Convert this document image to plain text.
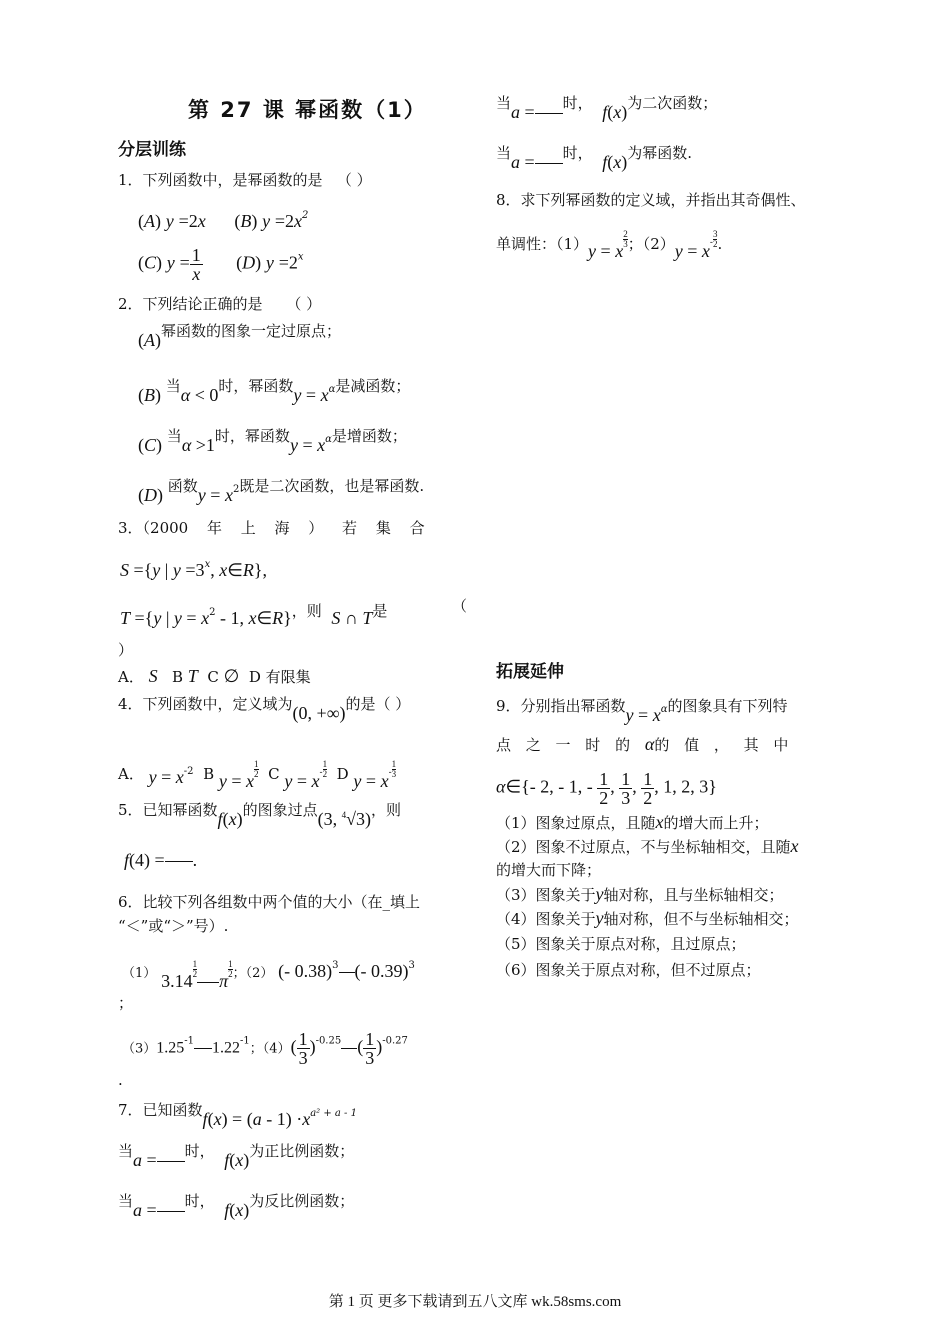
第 27 课 幂函数（1）
分层训练
1．下列函数中，是幂函数的是 （ ）
(A) y =2x (B) $y =2x^2$
(C) $y = \frac{1}{x} (D)$ $y =2^x$
2．下列结论正确的是 （ ）
(A)幂函数的图象一定过原点；
(B) 当α < 0时，幂函数$y = x^\alpha$是减函数；
(C) 当α >1时，幂函数$y = x^\alpha$是增函数；
(D) 函数$y = x^2$既是二次函数，也是幂函数.
3．（2000 年 上 海 ） 若 集 合
S ={y | $y =3^x$, x∈R},
T ={y | $y = x^2 - 1$, x∈R}，则 S ∩ T是	（
）
A． S B T C ∅ D 有限集
4．下列函数中，定义域为(0, +∞)的是（ ）
A． $y = x^{-2}$ B y = x
$\frac{1}{2}$ C $y = x^- \frac{1}{2}$ D $y = x^- \frac{1}{3}$
5．已知幂函数f(x)的图象过点(3, $^4$√3)，则
f(4) = .
6．比较下列各组数中两个值的大小（在_填上
“＜”或“＞”号）.
（1） 3.14
$\frac{1}{2}$
π
$\frac{1}{2}$ ；（2） (- 0.38)$^3$ (- 0.39)$^3$
；
$(3)1.25^{-1}$ $1.22^{-1}$；$(4)( \frac{1}{3} )^{-0.25}$ ( $\frac{1}{3} )^{-0.27}$
.
7．已知函数$f(x) = (a - 1) \cdot x^{a^2 + a - 1}$
当a = 时， f(x)为正比例函数；
当a = 时， f(x)为反比例函数；
当a = 时， f(x)为二次函数；
当a = 时， f(x)为幂函数.
8．求下列幂函数的定义域，并指出其奇偶性、
单调性：（1）y = x
$\frac{2}{3}$ ；$(2)y = x^- \frac{3}{2}$ .
拓展延伸
9．分别指出幂函数$y = x^\alpha$的图象具有下列特
点 之 一 时 的 α的 值 ， 其 中
α∈{- 2, - 1, - $\frac{1}{2}$ , $\frac{1}{3}$ , $\frac{1}{2}$ , 1, 2, 3}
（1）图象过原点，且随x的增大而上升；
（2）图象不过原点，不与坐标轴相交，且随x
的增大而下降；
（3）图象关于y轴对称，且与坐标轴相交；
（4）图象关于y轴对称，但不与坐标轴相交；
（5）图象关于原点对称，且过原点；
（6）图象关于原点对称，但不过原点；
第 1 页 更多下载请到五八文库 wk.58sms.com
